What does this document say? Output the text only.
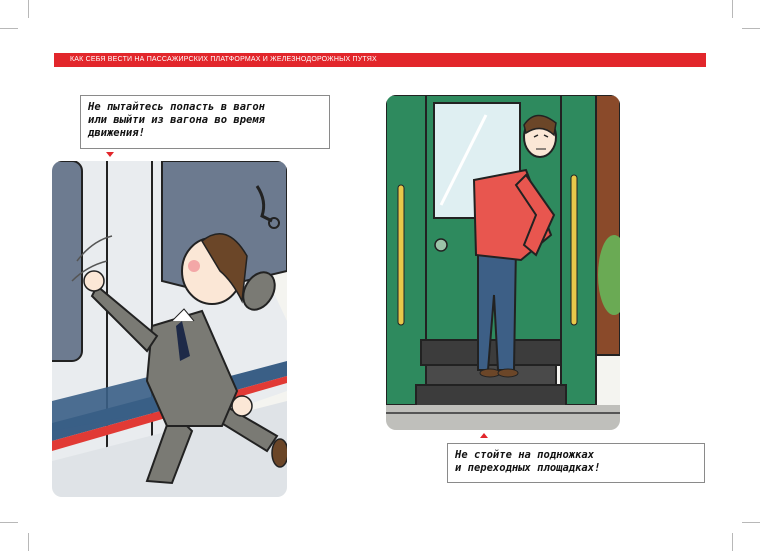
КАК СЕБЯ ВЕСТИ НА ПАССАЖИРСКИХ ПЛАТФОРМАХ И ЖЕЛЕЗНОДОРОЖНЫХ ПУТЯХ
Не пытайтесь попасть в вагон
или выйти из вагона во время
движения!
Не стойте на подножках
и переходных площадках!
